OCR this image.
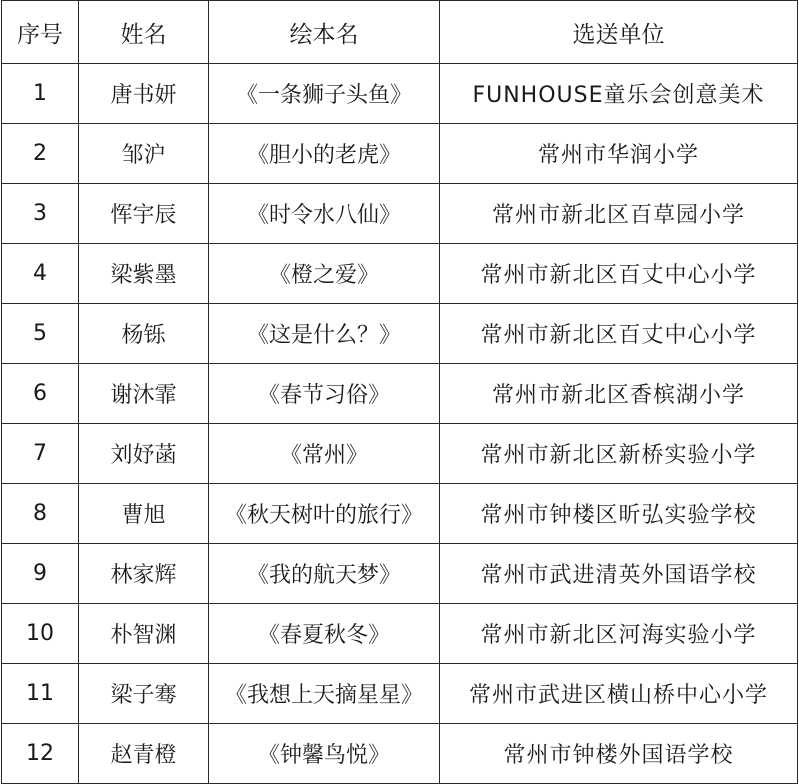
序号	姓名	绘本名	选送单位
1	唐书妍	《一条狮子头鱼》	FUNHOUSE童乐会创意美术
2	邹沪	《胆小的老虎》	常州市华润小学
3	恽宇辰	《时令水八仙》	常州市新北区百草园小学
4	梁紫墨	《橙之爱》	常州市新北区百丈中心小学
5	杨铄	《这是什么？》	常州市新北区百丈中心小学
6	谢沐霏	《春节习俗》	常州市新北区香槟湖小学
7	刘妤菡	《常州》	常州市新北区新桥实验小学
8	曹旭	《秋天树叶的旅行》	常州市钟楼区昕弘实验学校
9	林家辉	《我的航天梦》	常州市武进清英外国语学校
10	朴智渊	《春夏秋冬》	常州市新北区河海实验小学
11	梁子骞	《我想上天摘星星》	常州市武进区横山桥中心小学
12	赵青橙	《钟馨鸟悦》	常州市钟楼外国语学校
